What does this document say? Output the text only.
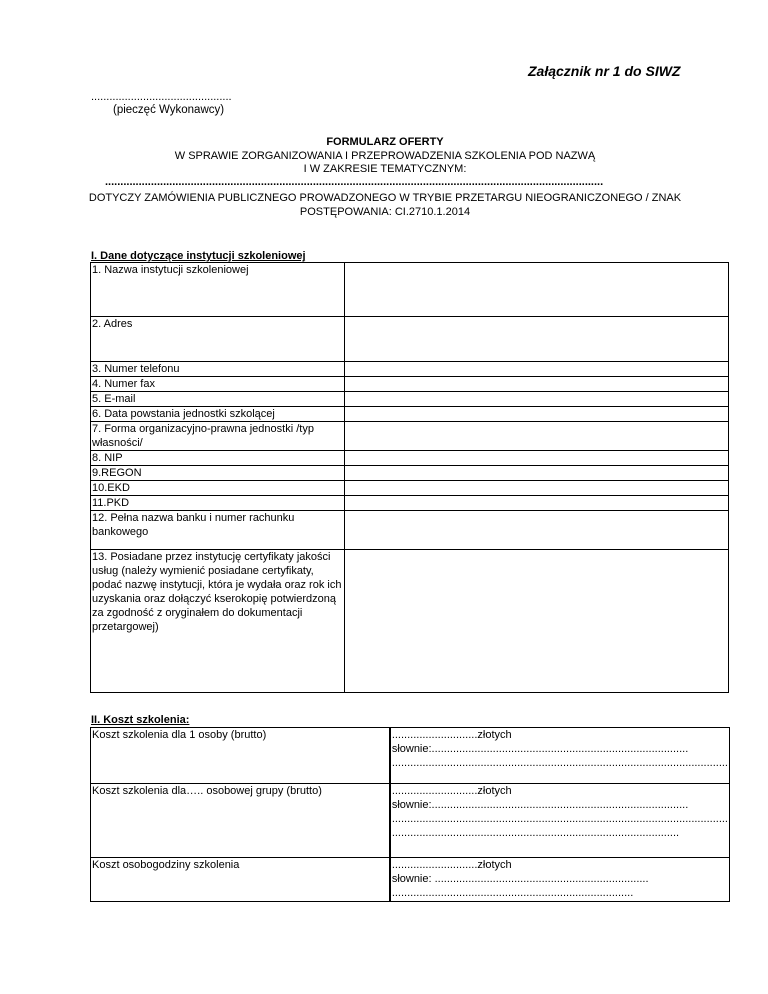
Załącznik nr 1 do SIWZ
..............................................
(pieczęć Wykonawcy)
FORMULARZ OFERTY
W SPRAWIE ZORGANIZOWANIA I PRZEPROWADZENIA SZKOLENIA POD NAZWĄ
I W ZAKRESIE TEMATYCZNYM:
...................................................................................................................................................................
DOTYCZY ZAMÓWIENIA PUBLICZNEGO PROWADZONEGO W TRYBIE PRZETARGU NIEOGRANICZONEGO / ZNAK
POSTĘPOWANIA: CI.2710.1.2014
I. Dane dotyczące instytucji szkoleniowej
1. Nazwa instytucji szkoleniowej	
2. Adres	
3. Numer telefonu	
4. Numer fax	
5. E-mail	
6. Data powstania jednostki szkolącej	
7. Forma organizacyjno-prawna jednostki /typ własności/	
8. NIP	
9.REGON	
10.EKD	
11.PKD	
12. Pełna nazwa banku i numer rachunku bankowego	
13. Posiadane przez instytucję certyfikaty jakości usług (należy wymienić posiadane certyfikaty, podać nazwę instytucji, która je wydała oraz rok ich uzyskania oraz dołączyć kserokopię potwierdzoną za zgodność z oryginałem do dokumentacji przetargowej)	
II. Koszt szkolenia:
Koszt szkolenia dla 1 osoby (brutto)	............................złotych
słownie:....................................................................................
..............................................................................................................

Koszt szkolenia dla….. osobowej grupy (brutto)	............................złotych
słownie:....................................................................................
..............................................................................................................
..............................................................................................

Koszt osobogodziny szkolenia	............................złotych
słownie: ......................................................................
...............................................................................
